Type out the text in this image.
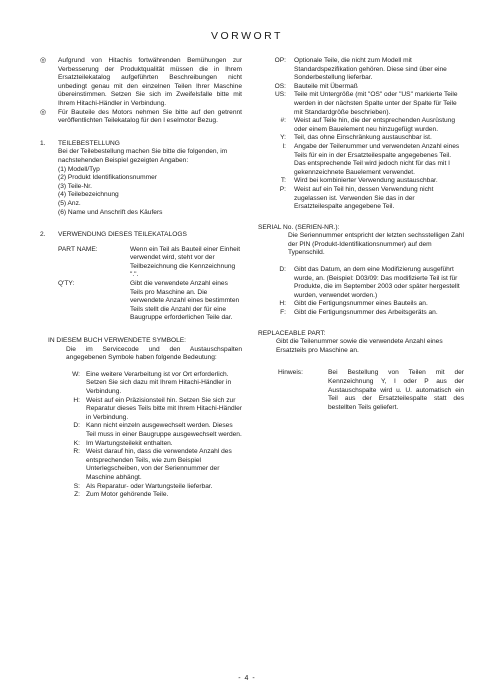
VORWORT
◎	Aufgrund von Hitachis fortwährenden Bemühungen zur Verbesserung der Produktqualität müssen die in Ihrem Ersatzteilekatalog aufgeführten Beschreibungen nicht unbedingt genau mit den einzelnen Teilen Ihrer Maschine übereinstimmen. Setzen Sie sich im Zweifelsfalle bitte mit Ihrem Hitachi-Händler in Verbindung.
◎	Für Bauteile des Motors nehmen Sie bitte auf den getrennt veröffentlichten Teilekatalog für den l eselmotor Bezug.
1.	TEILEBESTELLUNG

Bei der Teilebestellung machen Sie bitte die folgenden, im nachstehenden Beispiel gezeigten Angaben:

(1) Modell/Typ

(2) Produkt Identifikationsnummer

(3) Teile-Nr.

(4) Teilebezeichnung

(5) Anz.

(6) Name und Anschrift des Käufers

2.	VERWENDUNG DIESES TEILEKATALOGS
PART NAME:	Wenn ein Teil als Bauteil einer Einheit verwendet wird, steht vor der Teilbezeichnung die Kennzeichnung ".".
Q'TY:	Gibt die verwendete Anzahl eines Teils pro Maschine an. Die verwendete Anzahl eines bestimmten Teils stellt die Anzahl der für eine Baugruppe erforderlichen Teile dar.
IN DIESEM BUCH VERWENDETE SYMBOLE:
Die im Servicecode und den Austauschspalten angegebenen Symbole haben folgende Bedeutung:
W: Eine weitere Verarbeitung ist vor Ort erforderlich. Setzen Sie sich dazu mit Ihrem Hitachi-Händler in Verbindung.
H: Weist auf ein Präzisionsteil hin. Setzen Sie sich zur Reparatur dieses Teils bitte mit Ihrem Hitachi-Händler in Verbindung.
D: Kann nicht einzeln ausgewechselt werden. Dieses Teil muss in einer Baugruppe ausgewechselt werden.
K: Im Wartungsteilekit enthalten.
R: Weist darauf hin, dass die verwendete Anzahl des entsprechenden Teils, wie zum Beispiel Unterlegscheiben, von der Seriennummer der Maschine abhängt.
S: Als Reparatur- oder Wartungsteile lieferbar.
Z: Zum Motor gehörende Teile.
OP:	Optionale Teile, die nicht zum Modell mit Standardspezifikation gehören. Diese sind über eine Sonderbestellung lieferbar.
OS:	Bauteile mit Übermaß
US:	Teile mit Untergröße (mit "OS" oder "US" markierte Teile werden in der nächsten Spalte unter der Spalte für Teile mit Standardgröße beschrieben).
#:	Weist auf Teile hin, die der entsprechenden Ausrüstung oder einem Bauelement neu hinzugefügt wurden.
Y:	Teil, das ohne Einschränkung austauschbar ist.
I:	Angabe der Teilenummer und verwendeten Anzahl eines Teils für ein in der Ersatzteilespalte angegebenes Teil. Das entsprechende Teil wird jedoch nicht für das mit I gekennzeichnete Bauelement verwendet.
T:	Wird bei kombinierter Verwendung austauschbar.
P:	Weist auf ein Teil hin, dessen Verwendung nicht zugelassen ist. Verwenden Sie das in der Ersatzteilespalte angegebene Teil.
SERIAL No. (SERIEN-NR.):
Die Seriennummer entspricht der letzten sechsstelligen Zahl der PIN (Produkt-Identifikationsnummer) auf dem Typenschild.
D:	Gibt das Datum, an dem eine Modifizierung ausgeführt wurde, an. (Beispiel: D03/09: Das modifizierte Teil ist für Produkte, die im September 2003 oder später hergestellt wurden, verwendet worden.)
H:	Gibt die Fertigungsnummer eines Bauteils an.
F:	Gibt die Fertigungsnummer des Arbeitsgeräts an.
REPLACEABLE PART:
Gibt die Teilenummer sowie die verwendete Anzahl eines Ersatzteils pro Maschine an.
Hinweis:	Bei Bestellung von Teilen mit der Kennzeichnung Y, I oder P aus der Austauschspalte wird u. U. automatisch ein Teil aus der Ersatzteilespalte statt des bestellten Teils geliefert.
- 4 -
